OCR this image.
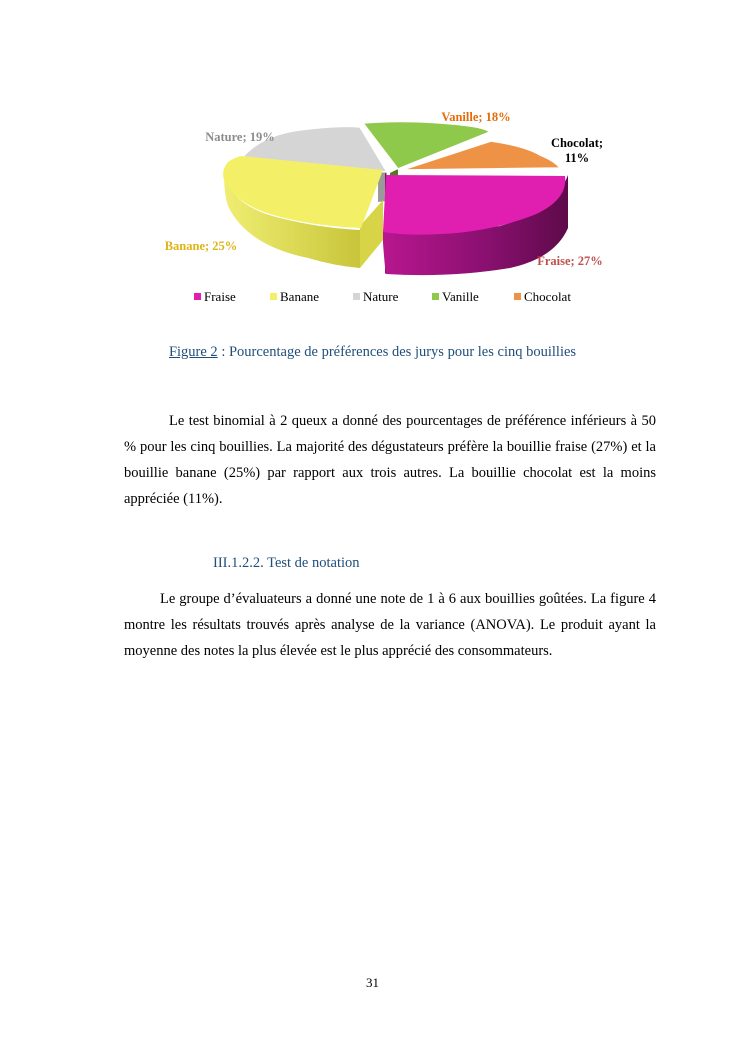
Vanille; 18%
Nature; 19%	Chocolat;
11%
Banane; 25%
Fraise; 27%
Fraise	Banane	Nature	Vanille	Chocolat
Figure 2 : Pourcentage de préférences des jurys pour les cinq bouillies

Le test binomial à 2 queux a donné des pourcentages de préférence inférieurs à 50 % pour les cinq bouillies. La majorité des dégustateurs préfère la bouillie fraise (27%) et la bouillie banane (25%) par rapport aux trois autres. La bouillie chocolat est la moins appréciée (11%).

III.1.2.2. Test de notation

Le groupe d’évaluateurs a donné une note de 1 à 6 aux bouillies goûtées. La figure 4 montre les résultats trouvés après analyse de la variance (ANOVA). Le produit ayant la moyenne des notes la plus élevée est le plus apprécié des consommateurs.

31
